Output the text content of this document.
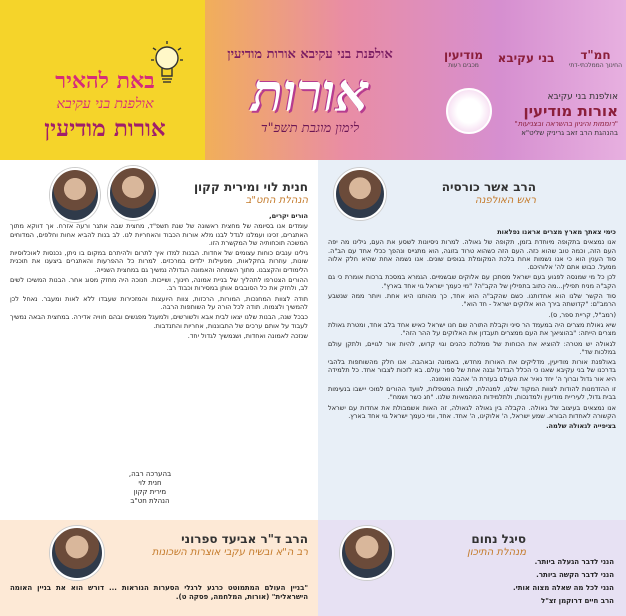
באת להאיר
אולפנת בני עקיבא
אורות מודיעין
אולפנת בני עקיבא אורות מודיעין
אורות
לימון מוגבת תשפ"ד
חמ"ד
החינוך הממלכתי-דתי
בני עקיבא
מודיעין
מכבים רעות
אולפנת בני עקיבא
אורות מודיעין
"רוממות והיגיון בהשראה ובצניעות"
בהנהגת הרב זאב גריניק שליט"א
הרב אשר כורסיה
ראש האולפנה

כימי צאתך מארץ מצרים אראנו נפלאות

אנו נמצאים בתקופה מיוחדת בזמן, תקופה של גאולה. למרות ניסיונות לשסע את העם, גילינו מה יפה העם הזה, וכמה טוב שהוא כזה. העם הזה כשהוא טרוד בזוגה, הוא מתגייס ונהפך ככלי אחד עם הב"ה. סוד הענין הוא כי אנו נשמות אחת בלכת המקומלת בגופים שונים. אנו נשמה אחת שהיא חלק אלוה ממעל. כבוש אתם לה' אלוהיכם.

לכן כל מי שמנסה לפגוע בעם ישראל מסתכן עם אלוקים שבשמיים. הגמרא במסכת ברכות אומרת כי גם הקב"ה מניח תפילין...מה כתוב בתפילין של הקב"ה? "מי כעמך ישראל גוי אחד בארץ".

סוד הקשר שלנו הוא אחדותנו. כשם שהקב"ה הוא אחד, כך מהותנו היא אחת. ויותר ממה שנשבע הרמב"ם: "קדושתה בירך הוא אלוקים ישראל - חד הוא".

(רמב"ל, קריית ספר, ס).

שיא גאולת מצרים היה במעמד הר סיני וקבלת התורה שם חנו ישראל כאיש אחד בלב אחד, ומטרת גאולת מצרים הייתה: "בהוציאך את העם ממצרים תעבדון את האלוקים על ההר הזה".

לגאולה יש מטרה: להוציא את הכוחות של ממלכת כהנים וגוי קדוש, להיות אור לגויים, ולתקן עולם במלכות שד".

באולפנת אורות מודיעין, מדליקים את האורות מחדש, באמונה ובאהבה. אנו חלק מהשותפות בלהבי בדרכנו של בני עקיבא שאנו כי הכלל הבדול ובנה אחת של ספר עולם. בא לזכות לצבור אחד. כל תלמידה היא אור גדול וברוך ה' יחד נאיר את העולם בעזרת ה' אהבה ואמונה.

זו ההזדמנות להודות לצוות המקוד שלנו, למנהלת, לצוות המטפלות, לוועד ההורים למוכי יישבו בנעימות בבית גדול, לעיריית מודיעין ולמדנכות, ולתלמידות המהמאיות שלנו. "חג כשר ושמח".

אנו נמצאים בעיצוב של גאולה. הקבלה בין גאולה לגאולה, זה האות אשמבולת את אחדות עם ישראל הקשורה לאחדות הבורא. שמע ישראל, ה' אלוקינו, ה' אחד. אחד, ומי כעמך ישראל גוי אחד בארץ.

בציפייה לגאולה שלמה.

חנית לוי ומירית קקון
הנהלת החט"ב

הורים יקרים,

עומדים אנו בסיומה של מחצית ראשונה של שנת תשפ"ד, מחצית שבה אתגר ורעה אזרח. אך דווקא מתוך האתגרים, זכינו ועמלנו לגדל לבנו מלא אורות הכבוד והאחריות לנו. לב בנות להביא אחות וחלפים, המדוחים המשכה תוכחותיה של המקשרת הזו.

גילינו ענבים כוחות עצומים של אחדות. הבנות למדו איך לתרום ולהיתרם במקום בו ניתן, נכנסות לאוכלוסיות שונות, עוזרות בחקלאות, מפעילות ילדים במרכזים. למרות כל ההפרעות והאתגרים ביצענו את תוכנית הלימודים והקצבנו. מתוך השמחה והאמונה הגדולה נמשיך גם במחצית השנייה.

ההורים הצטרפו לתהליך של בניית אמונה, חינוך, ושייכות. חנוכה היה מחזק מסוג אחר. הבנות המשיכו לשים לב, ולחזק את כל הסובבים אותן במסירות וכבוד רב.

תודה לצוות המחנכות, המורות, הרכזות, צוות היועצות והמזכירות שעבדו ללא לאות ומעבר. נאחל לכן להמשיך ולצמוח. תודה לכל הורה על השותפות הרבה.

כבכל שנה, הבנות שלנו יצאו לבית אבא ולשורשים, ולמעגל מפגשים ובהם חוויה אדירה. במחצית הבאה נמשיך לעבוד על אותם ערכים של התבוננות, אחריות והתנדבות.

שנזכה לאמונה ואחדות, ושנמשיך לגדול יחד.

בהערכה רבה,
חנית לוי
מירית קקון
הנהלת חט"ב
סיגל נחום
מנהלת התיכון
הנני לדבר הגעלה ביותר.
הנני לדבר הקשה ביותר.
הנני לכל מה שאלה מצוה אותי.
הרב חיים דרוקמן זצ"ל
הרב ד"ר אביעד ספרוני
רב ה"א ובשיח עקבי אוצרות השכונות
"בניין העולם המתמוטט כרגע לרגלי הסערות הנוראות ... דורש הוא את בניין האומה הישראלית" (אורות, המלחמה, פסקה ט).
